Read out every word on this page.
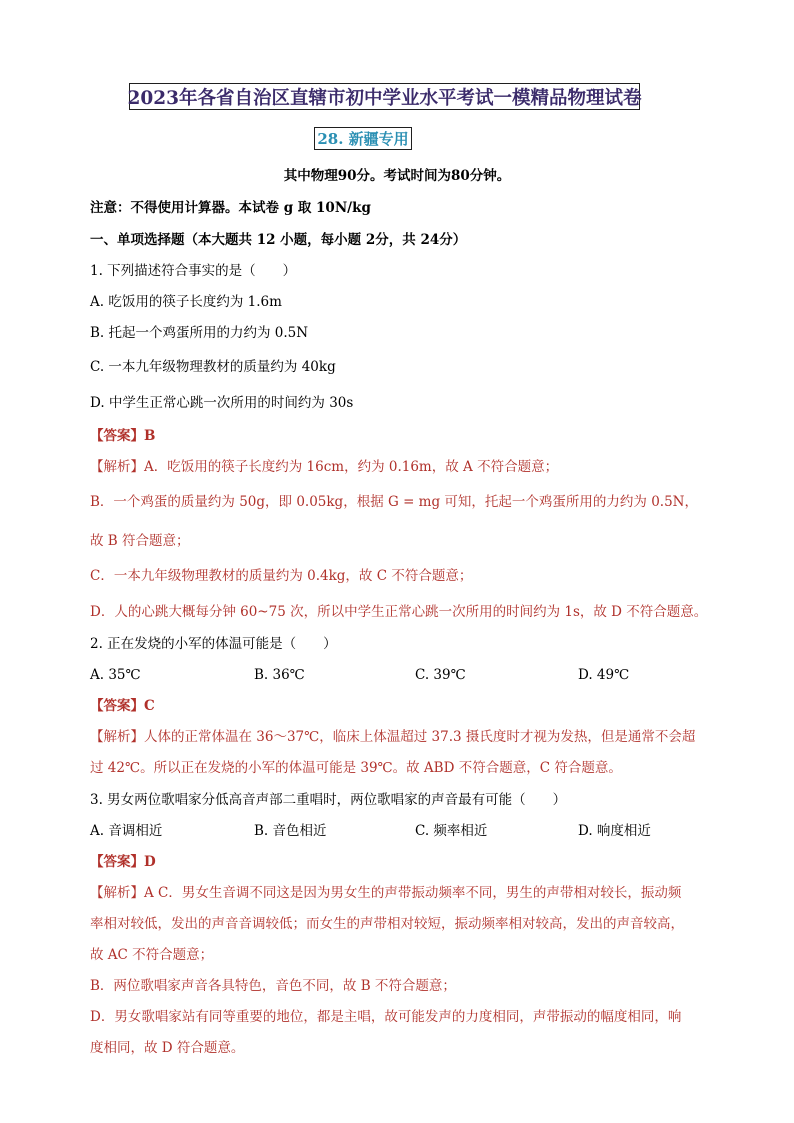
2023年各省自治区直辖市初中学业水平考试一模精品物理试卷
28. 新疆专用
其中物理90分。考试时间为80分钟。
注意：不得使用计算器。本试卷 g 取 10N/kg
一、单项选择题（本大题共 12 小题，每小题 2分，共 24分）
1. 下列描述符合事实的是（　　）
A. 吃饭用的筷子长度约为 1.6m
B. 托起一个鸡蛋所用的力约为 0.5N
C. 一本九年级物理教材的质量约为 40kg
D. 中学生正常心跳一次所用的时间约为 30s
【答案】B
【解析】A．吃饭用的筷子长度约为 16cm，约为 0.16m，故 A 不符合题意；
B．一个鸡蛋的质量约为 50g，即 0.05kg，根据 G = mg 可知，托起一个鸡蛋所用的力约为 0.5N，
故 B 符合题意；
C．一本九年级物理教材的质量约为 0.4kg，故 C 不符合题意；
D．人的心跳大概每分钟 60~75 次，所以中学生正常心跳一次所用的时间约为 1s，故 D 不符合题意。
2. 正在发烧的小军的体温可能是（　　）
A. 35℃	B. 36℃	C. 39℃	D. 49℃
【答案】C
【解析】人体的正常体温在 36～37℃，临床上体温超过 37.3 摄氏度时才视为发热，但是通常不会超
过 42℃。所以正在发烧的小军的体温可能是 39℃。故 ABD 不符合题意，C 符合题意。
3. 男女两位歌唱家分低高音声部二重唱时，两位歌唱家的声音最有可能（　　）
A. 音调相近	B. 音色相近	C. 频率相近	D. 响度相近
【答案】D
【解析】A C．男女生音调不同这是因为男女生的声带振动频率不同，男生的声带相对较长，振动频
率相对较低，发出的声音音调较低；而女生的声带相对较短，振动频率相对较高，发出的声音较高，
故 AC 不符合题意；
B．两位歌唱家声音各具特色，音色不同，故 B 不符合题意；
D．男女歌唱家站有同等重要的地位，都是主唱，故可能发声的力度相同，声带振动的幅度相同，响
度相同，故 D 符合题意。
